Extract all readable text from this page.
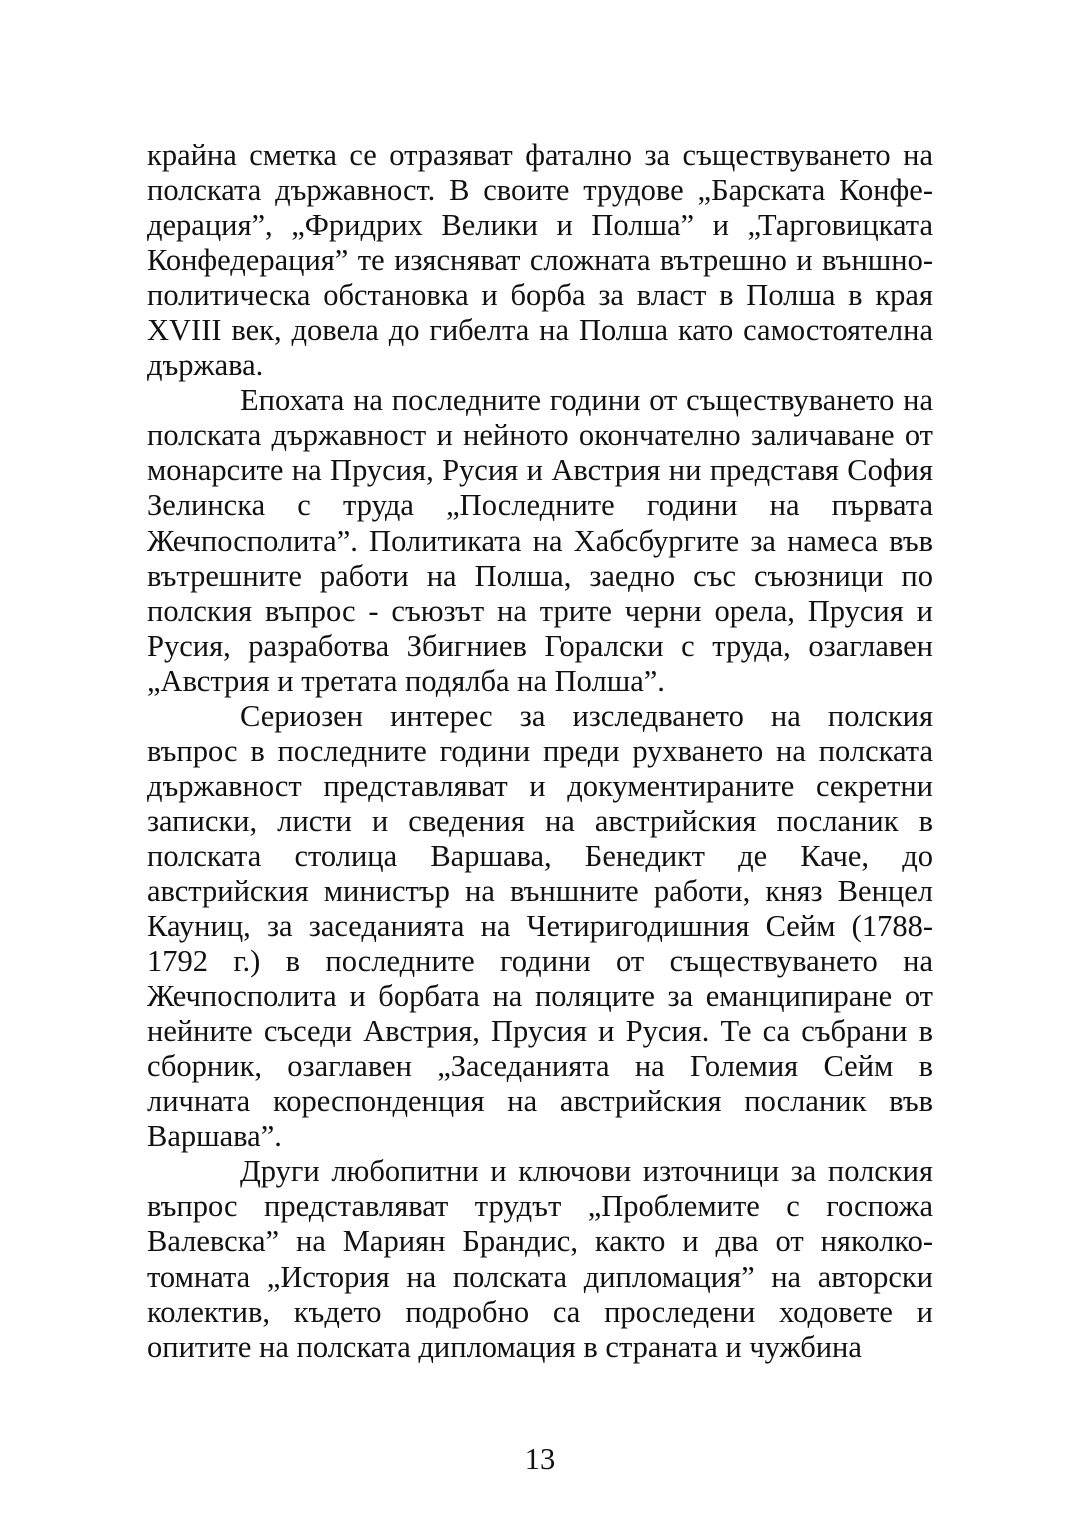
крайна сметка се отразяват фатално за съществуването на полската държавност. В своите трудове „Барската Конфедерация”, „Фридрих Велики и Полша” и „Тарговицката Конфедерация” те изясняват сложната вътрешно и външно-политическа обстановка и борба за власт в Полша в края XVIII век, довела до гибелта на Полша като самостоятелна държава.

Епохата на последните години от съществуването на полската държавност и нейното окончателно заличаване от монарсите на Прусия, Русия и Австрия ни представя София Зелинска с труда „Последните години на първата Жечпосполита”. Политиката на Хабсбургите за намеса във вътрешните работи на Полша, заедно със съюзници по полския въпрос - съюзът на трите черни орела, Прусия и Русия, разработва Збигниев Горалски с труда, озаглавен „Австрия и третата подялба на Полша”.

Сериозен интерес за изследването на полския въпрос в последните години преди рухването на полската държавност представляват и документираните секретни записки, листи и сведения на австрийския посланик в полската столица Варшава, Бенедикт де Каче, до австрийския министър на външните работи, княз Венцел Кауниц, за заседанията на Четиригодишния Сейм (1788-1792 г.) в последните години от съществуването на Жечпосполита и борбата на поляците за еманципиране от нейните съседи Австрия, Прусия и Русия. Те са събрани в сборник, озаглавен „Заседанията на Големия Сейм в личната кореспонденция на австрийския посланик във Варшава”.

Други любопитни и ключови източници за полския въпрос представляват трудът „Проблемите с госпожа Валевска” на Мариян Брандис, както и два от няколкотомната „История на полската дипломация” на авторски колектив, където подробно са проследени ходовете и опитите на полската дипломация в страната и чужбина

13
